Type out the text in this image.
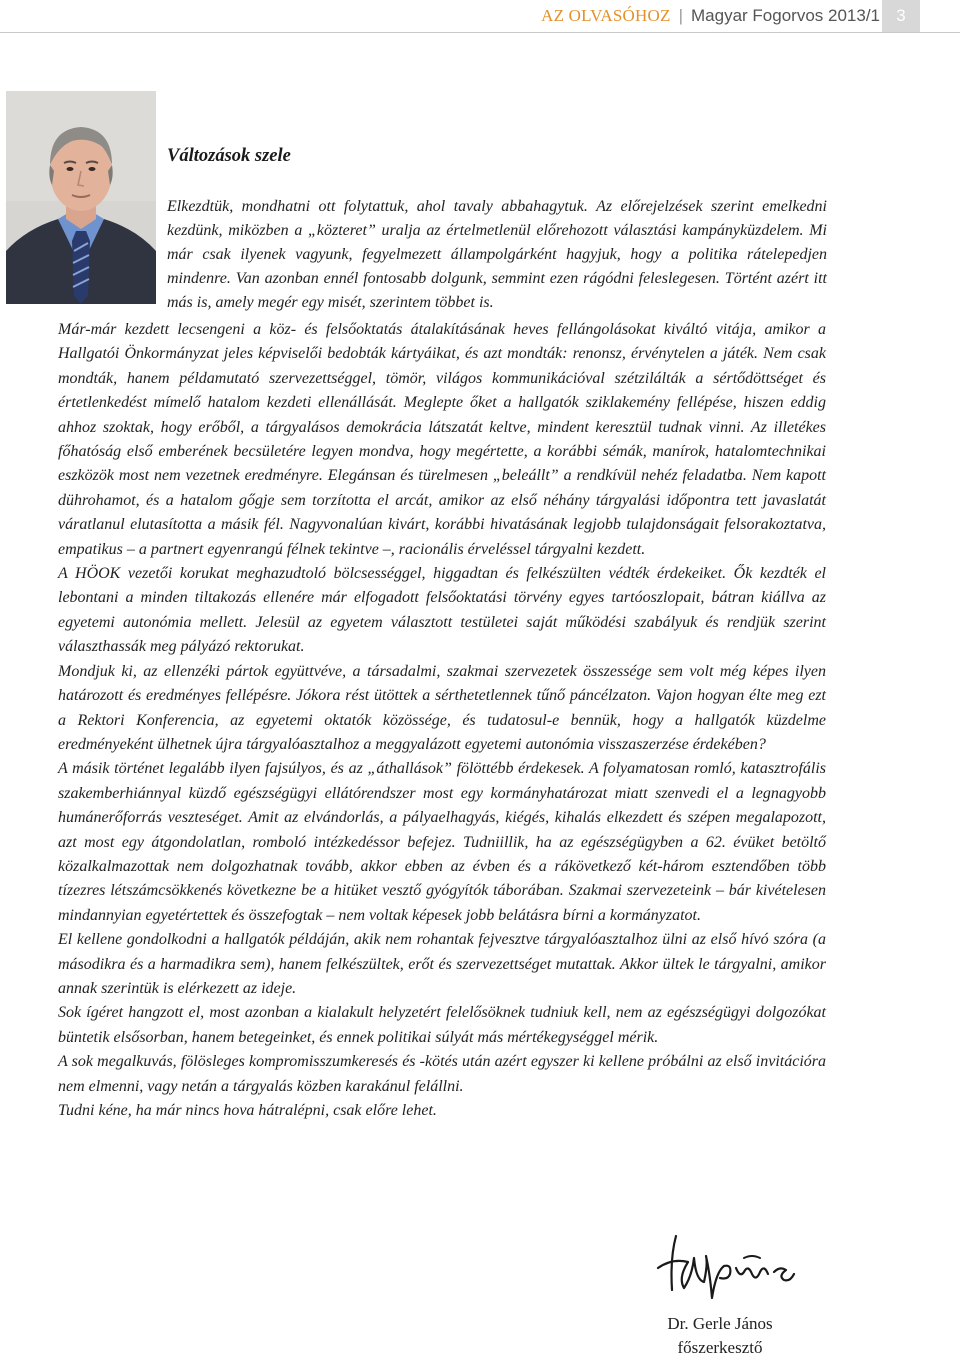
AZ OLVASÓHOZ | Magyar Fogorvos 2013/1 3
Változások szele

Elkezdtük, mondhatni ott folytattuk, ahol tavaly abbahagytuk. Az előrejelzések szerint emelkedni kezdünk, miközben a „közteret” uralja az értelmetlenül előrehozott választási kampányküzdelem. Mi már csak ilyenek vagyunk, fegyelmezett állampolgárként hagyjuk, hogy a politika rátelepedjen mindenre. Van azonban ennél fontosabb dolgunk, semmint ezen rágódni feleslegesen. Történt azért itt más is, amely megér egy misét, szerintem többet is.

Már-már kezdett lecsengeni a köz- és felsőoktatás átalakításának heves fellángolásokat kiváltó vitája, amikor a Hallgatói Önkormányzat jeles képviselői bedobták kártyáikat, és azt mondták: renonsz, érvénytelen a játék. Nem csak mondták, hanem példamutató szervezettséggel, tömör, világos kommunikációval szétzilálták a sértődöttséget és értetlenkedést mímelő hatalom kezdeti ellenállását. Meglepte őket a hallgatók sziklakemény fellépése, hiszen eddig ahhoz szoktak, hogy erőből, a tárgyalásos demokrácia látszatát keltve, mindent keresztül tudnak vinni. Az illetékes főhatóság első emberének becsületére legyen mondva, hogy megértette, a korábbi sémák, manírok, hatalomtechnikai eszközök most nem vezetnek eredményre. Elegánsan és türelmesen „beleállt” a rendkívül nehéz feladatba. Nem kapott dührohamot, és a hatalom gőgje sem torzította el arcát, amikor az első néhány tárgyalási időpontra tett javaslatát váratlanul elutasította a másik fél. Nagyvonalúan kivárt, korábbi hivatásának legjobb tulajdonságait felsorakoztatva, empatikus – a partnert egyenrangú félnek tekintve –, racionális érveléssel tárgyalni kezdett.

A HÖOK vezetői korukat meghazudtoló bölcsességgel, higgadtan és felkészülten védték érdekeiket. Ők kezdték el lebontani a minden tiltakozás ellenére már elfogadott felsőoktatási törvény egyes tartóoszlopait, bátran kiállva az egyetemi autonómia mellett. Jelesül az egyetem választott testületei saját működési szabályuk és rendjük szerint választhassák meg pályázó rektorukat.

Mondjuk ki, az ellenzéki pártok együttvéve, a társadalmi, szakmai szervezetek összessége sem volt még képes ilyen határozott és eredményes fellépésre. Jókora rést ütöttek a sérthetetlennek tűnő páncélzaton. Vajon hogyan élte meg ezt a Rektori Konferencia, az egyetemi oktatók közössége, és tudatosul-e bennük, hogy a hallgatók küzdelme eredményeként ülhetnek újra tárgyalóasztalhoz a meggyalázott egyetemi autonómia visszaszerzése érdekében?

A másik történet legalább ilyen fajsúlyos, és az „áthallások” fölöttébb érdekesek. A folyamatosan romló, katasztrofális szakemberhiánnyal küzdő egészségügyi ellátórendszer most egy kormányhatározat miatt szenvedi el a legnagyobb humánerőforrás veszteséget. Amit az elvándorlás, a pályaelhagyás, kiégés, kihalás elkezdett és szépen megalapozott, azt most egy átgondolatlan, romboló intézkedéssor befejez. Tudniillik, ha az egészségügyben a 62. évüket betöltő közalkalmazottak nem dolgozhatnak tovább, akkor ebben az évben és a rákövetkező két-három esztendőben több tízezres létszámcsökkenés következne be a hitüket vesztő gyógyítók táborában. Szakmai szervezeteink – bár kivételesen mindannyian egyetértettek és összefogtak – nem voltak képesek jobb belátásra bírni a kormányzatot.

El kellene gondolkodni a hallgatók példáján, akik nem rohantak fejvesztve tárgyalóasztalhoz ülni az első hívó szóra (a másodikra és a harmadikra sem), hanem felkészültek, erőt és szervezettséget mutattak. Akkor ültek le tárgyalni, amikor annak szerintük is elérkezett az ideje.

Sok ígéret hangzott el, most azonban a kialakult helyzetért felelősöknek tudniuk kell, nem az egészségügyi dolgozókat büntetik elsősorban, hanem betegeinket, és ennek politikai súlyát más mértékegységgel mérik.

A sok megalkuvás, fölösleges kompromisszumkeresés és -kötés után azért egyszer ki kellene próbálni az első invitációra nem elmenni, vagy netán a tárgyalás közben karakánul felállni.

Tudni kéne, ha már nincs hova hátralépni, csak előre lehet.

Dr. Gerle János

főszerkesztő
